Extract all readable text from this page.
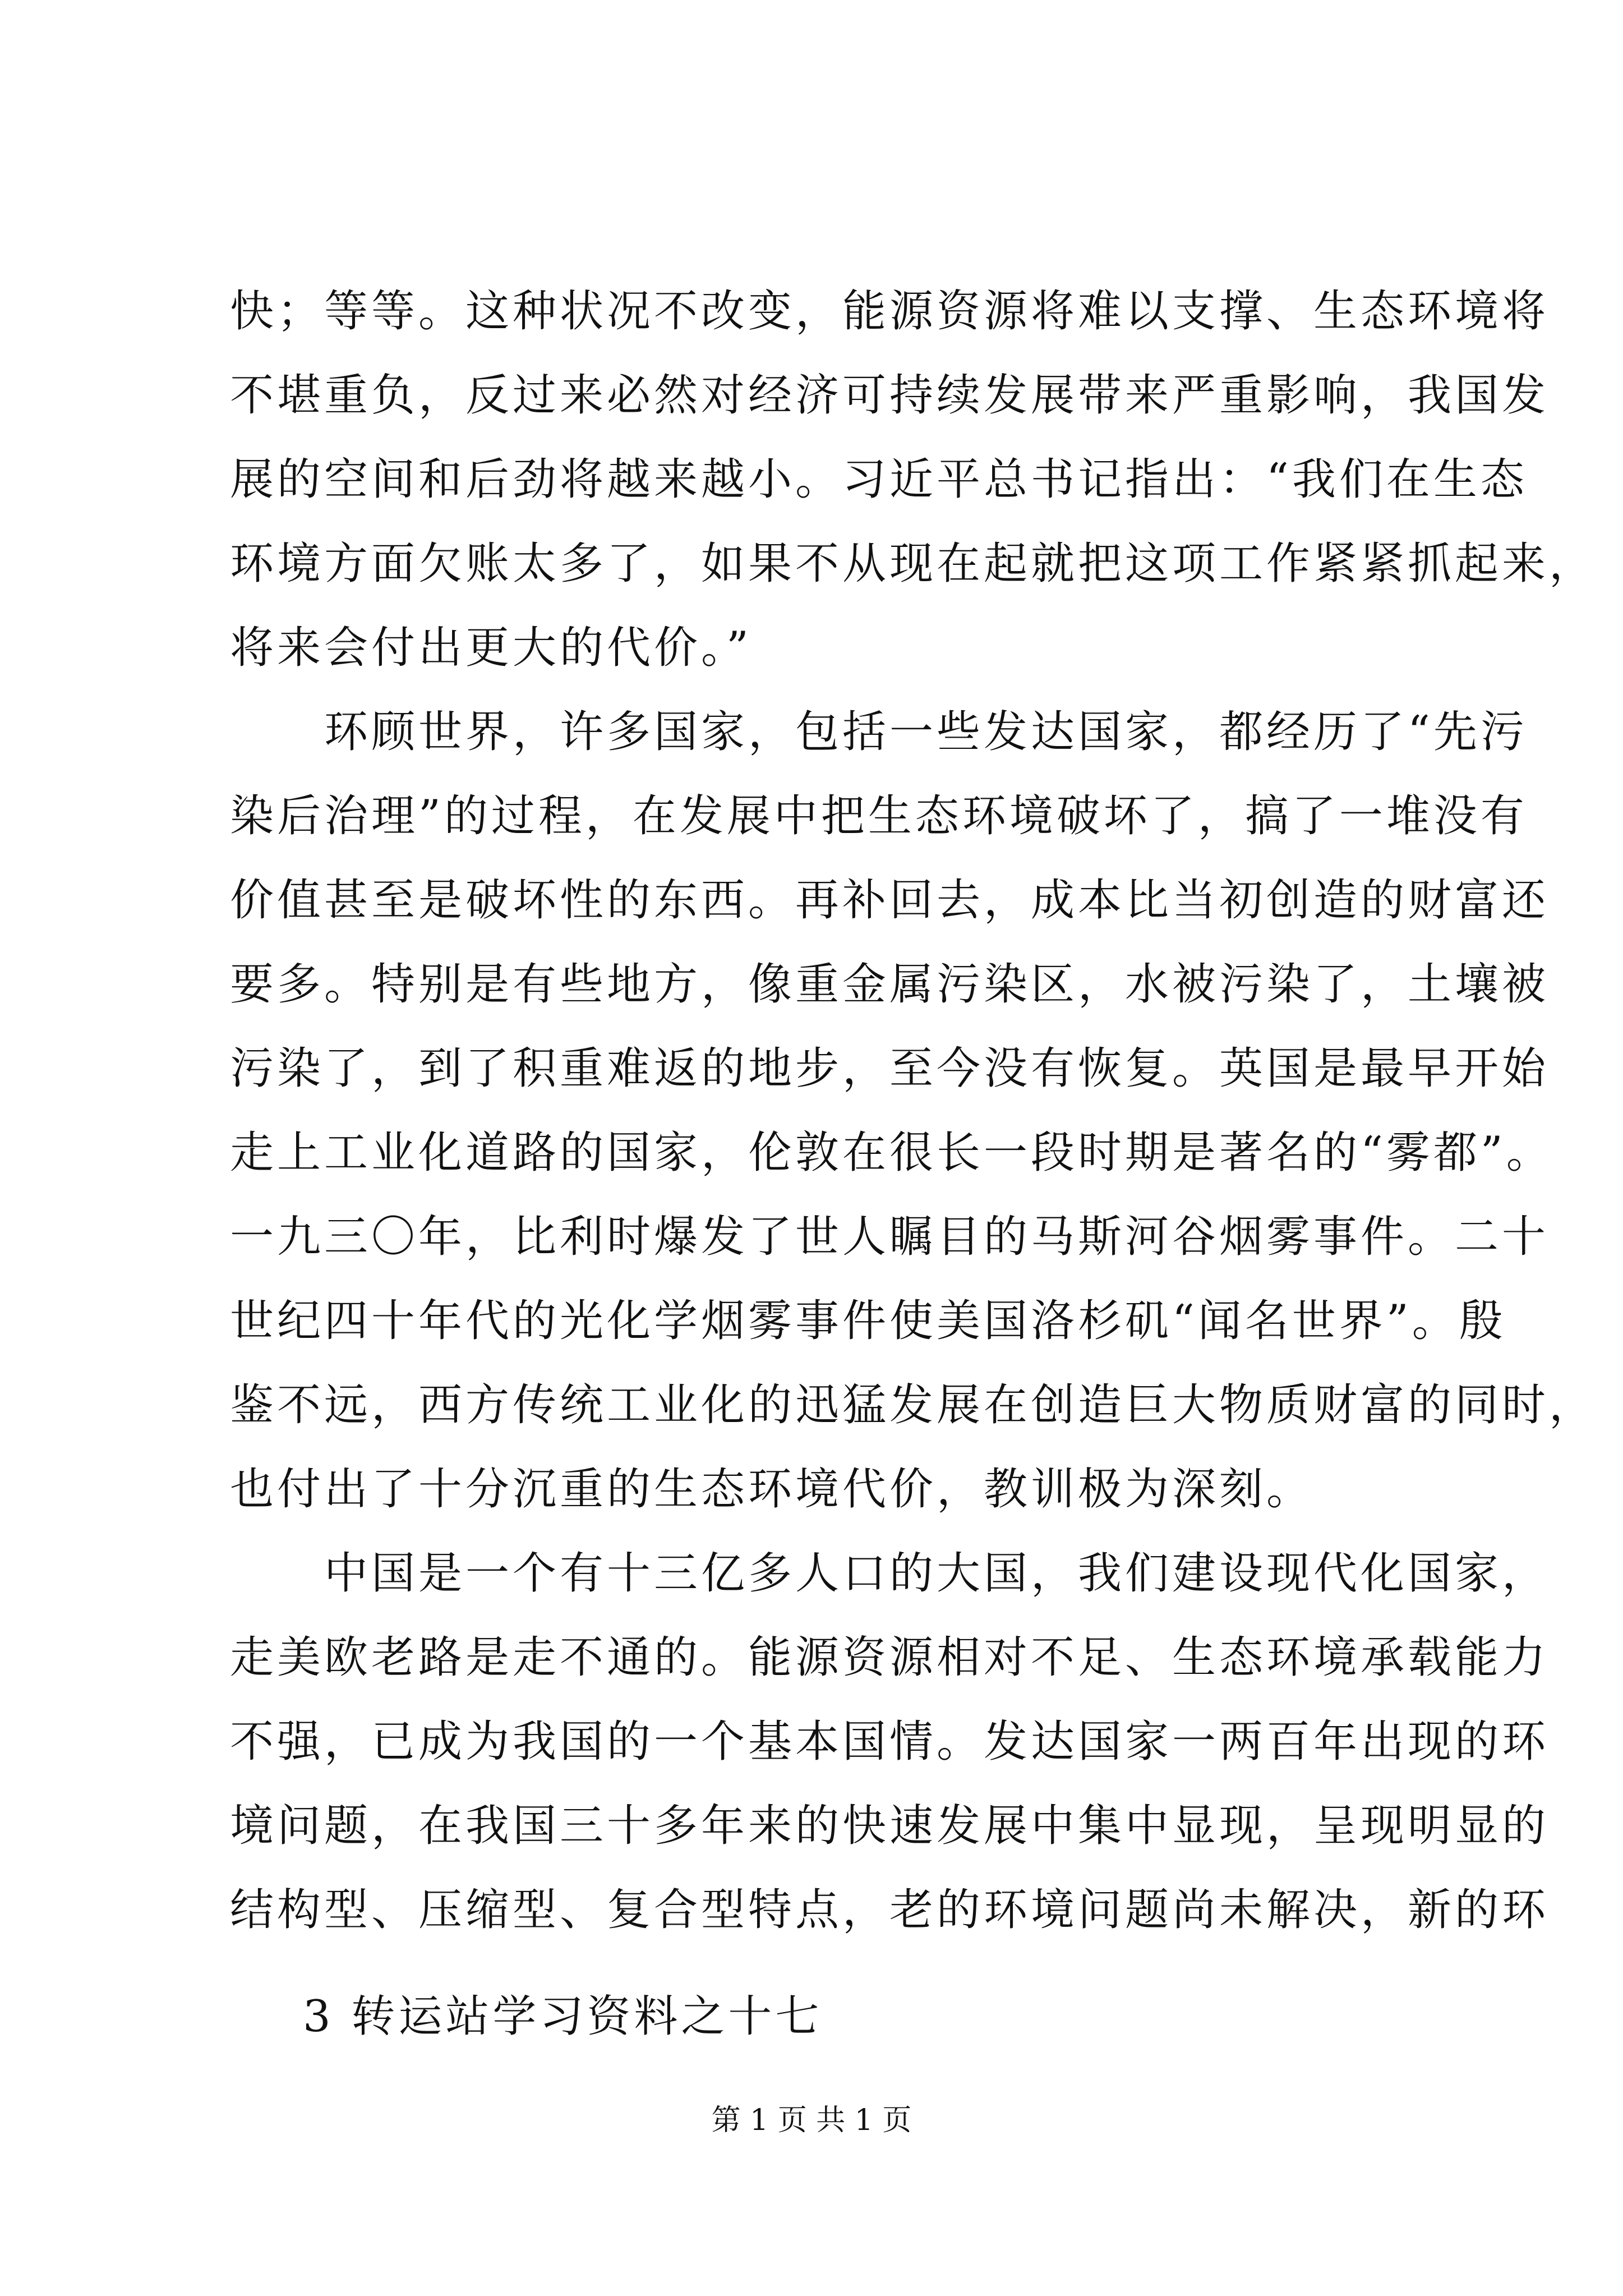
快；等等。这种状况不改变，能源资源将难以支撑、生态环境将
不堪重负，反过来必然对经济可持续发展带来严重影响，我国发
展的空间和后劲将越来越小。习近平总书记指出：“我们在生态
环境方面欠账太多了，如果不从现在起就把这项工作紧紧抓起来，
将来会付出更大的代价。”
　　环顾世界，许多国家，包括一些发达国家，都经历了“先污
染后治理”的过程，在发展中把生态环境破坏了，搞了一堆没有
价值甚至是破坏性的东西。再补回去，成本比当初创造的财富还
要多。特别是有些地方，像重金属污染区，水被污染了，土壤被
污染了，到了积重难返的地步，至今没有恢复。英国是最早开始
走上工业化道路的国家，伦敦在很长一段时期是著名的“雾都”。
一九三〇年，比利时爆发了世人瞩目的马斯河谷烟雾事件。二十
世纪四十年代的光化学烟雾事件使美国洛杉矶“闻名世界”。殷
鉴不远，西方传统工业化的迅猛发展在创造巨大物质财富的同时，
也付出了十分沉重的生态环境代价，教训极为深刻。
　　中国是一个有十三亿多人口的大国，我们建设现代化国家，
走美欧老路是走不通的。能源资源相对不足、生态环境承载能力
不强，已成为我国的一个基本国情。发达国家一两百年出现的环
境问题，在我国三十多年来的快速发展中集中显现，呈现明显的
结构型、压缩型、复合型特点，老的环境问题尚未解决，新的环
3 转运站学习资料之十七
第 1 页 共 1 页
